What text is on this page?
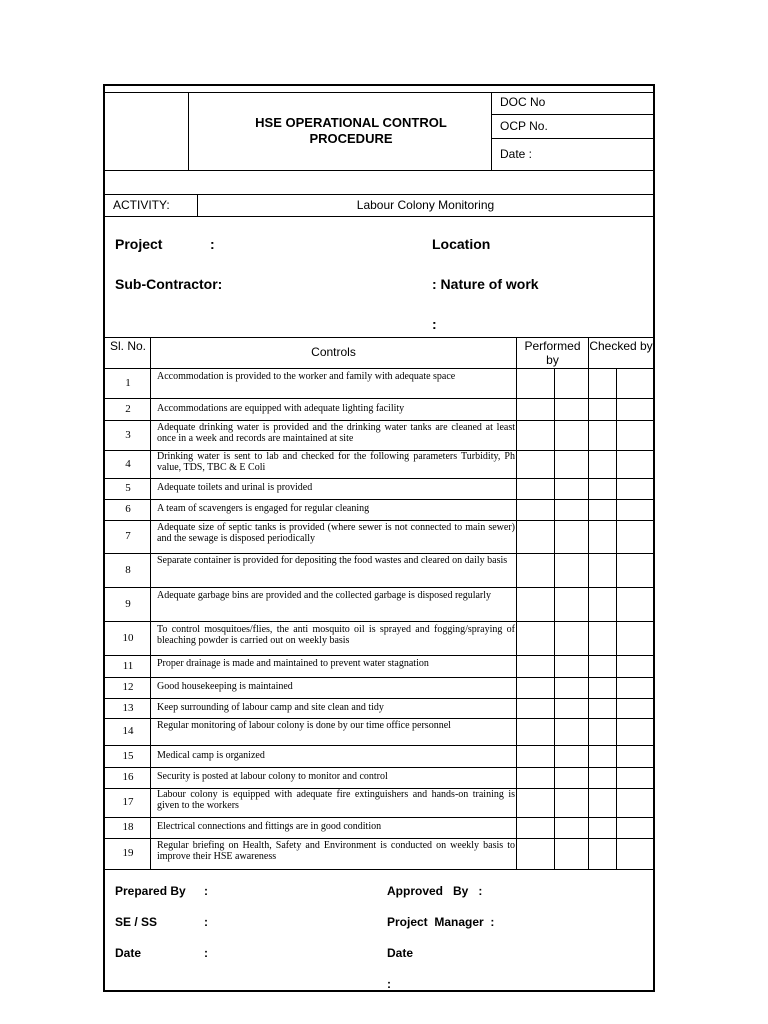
HSE OPERATIONAL CONTROL PROCEDURE
DOC No
OCP No.
Date :
ACTIVITY:	Labour Colony Monitoring
Project	:	Location
Sub-Contractor:	: Nature of work
:
Sl. No.	Controls	Performed by
Checked by
1
Accommodation is provided to the worker and family with adequate space
2	Accommodations are equipped with adequate lighting facility
3
Adequate drinking water is provided and the drinking water tanks are cleaned at least once in a week and records are maintained at site
4
Drinking water is sent to lab and checked for the following parameters Turbidity, Ph value, TDS, TBC & E Coli
5	Adequate toilets and urinal is provided
6	A team of scavengers is engaged for regular cleaning
7
Adequate size of septic tanks is provided (where sewer is not connected to main sewer) and the sewage is disposed periodically
8
Separate container is provided for depositing the food wastes and cleared on daily basis
9
Adequate garbage bins are provided and the collected garbage is disposed regularly
10
To control mosquitoes/flies, the anti mosquito oil is sprayed and fogging/spraying of bleaching powder is carried out on weekly basis
11	Proper drainage is made and maintained to prevent water stagnation
12	Good housekeeping is maintained
13	Keep surrounding of labour camp and site clean and tidy
14	Regular monitoring of labour colony is done by our time office personnel
15	Medical camp is organized
16	Security is posted at labour colony to monitor and control
17
Labour colony is equipped with adequate fire extinguishers and hands-on training is given to the workers
18	Electrical connections and fittings are in good condition
19
Regular briefing on Health, Safety and Environment is conducted on weekly basis to improve their HSE awareness
Prepared By :
SE / SS	:
Date	:
Approved   By   :
Project  Manager  :
Date
:
